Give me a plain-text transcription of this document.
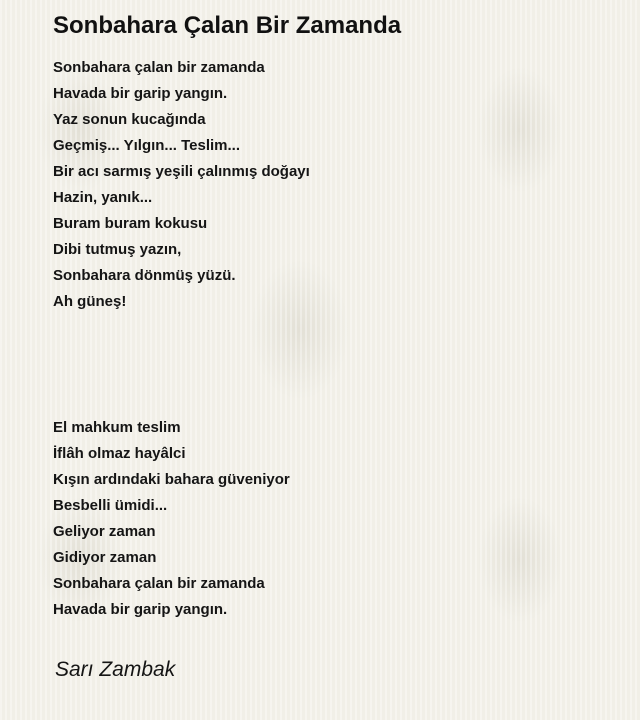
Sonbahara Çalan Bir Zamanda
Sonbahara çalan bir zamanda
Havada bir garip yangın.
Yaz sonun kucağında
Geçmiş... Yılgın... Teslim...
Bir acı sarmış yeşili çalınmış doğayı
Hazin, yanık...
Buram buram kokusu
Dibi tutmuş yazın,
Sonbahara dönmüş yüzü.
Ah güneş!
El mahkum teslim
İflâh olmaz hayâlci
Kışın ardındaki bahara güveniyor
Besbelli ümidi...
Geliyor zaman
Gidiyor zaman
Sonbahara çalan bir zamanda
Havada bir garip yangın.
Sarı Zambak
